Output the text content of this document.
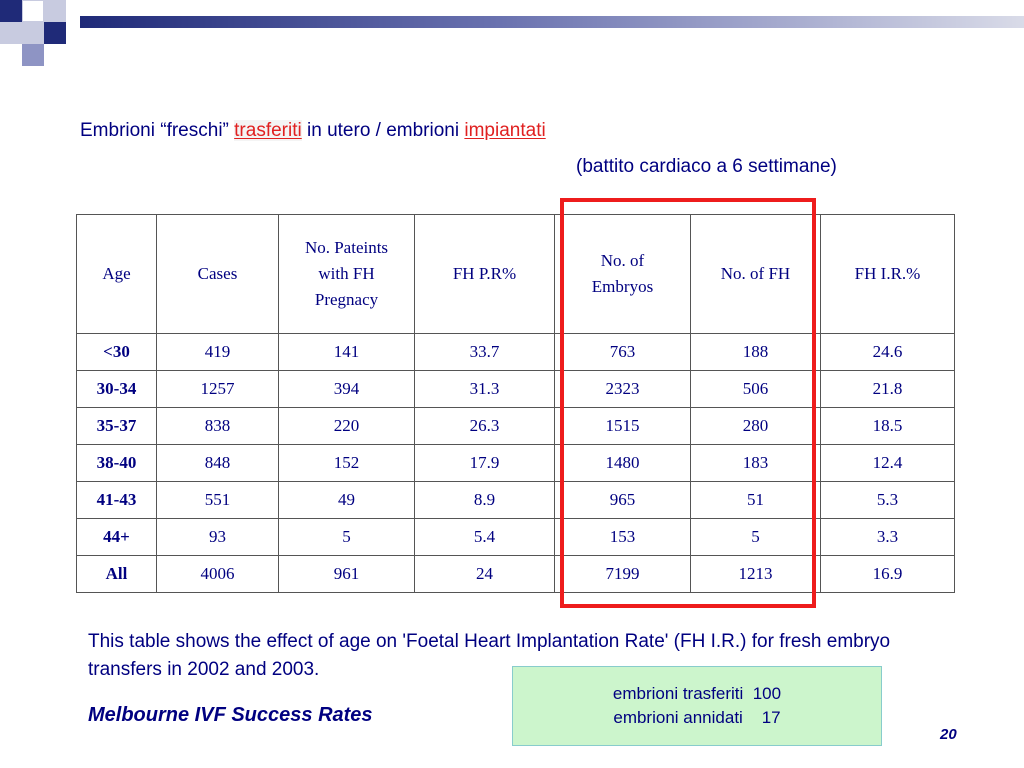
Embrioni “freschi” trasferiti in utero / embrioni impiantati
(battito cardiaco a 6 settimane)
Age	Cases	No. Pateints with FH Pregnacy	FH P.R%	No. of Embryos	No. of FH	FH I.R.%
<30	419	141	33.7	763	188	24.6
30-34	1257	394	31.3	2323	506	21.8
35-37	838	220	26.3	1515	280	18.5
38-40	848	152	17.9	1480	183	12.4
41-43	551	49	8.9	965	51	5.3
44+	93	5	5.4	153	5	3.3
All	4006	961	24	7199	1213	16.9
This table shows the effect of age on 'Foetal Heart Implantation Rate' (FH I.R.) for fresh embryo transfers in 2002 and 2003.
Melbourne IVF Success Rates
embrioni trasferiti  100
embrioni annidati    17
20
